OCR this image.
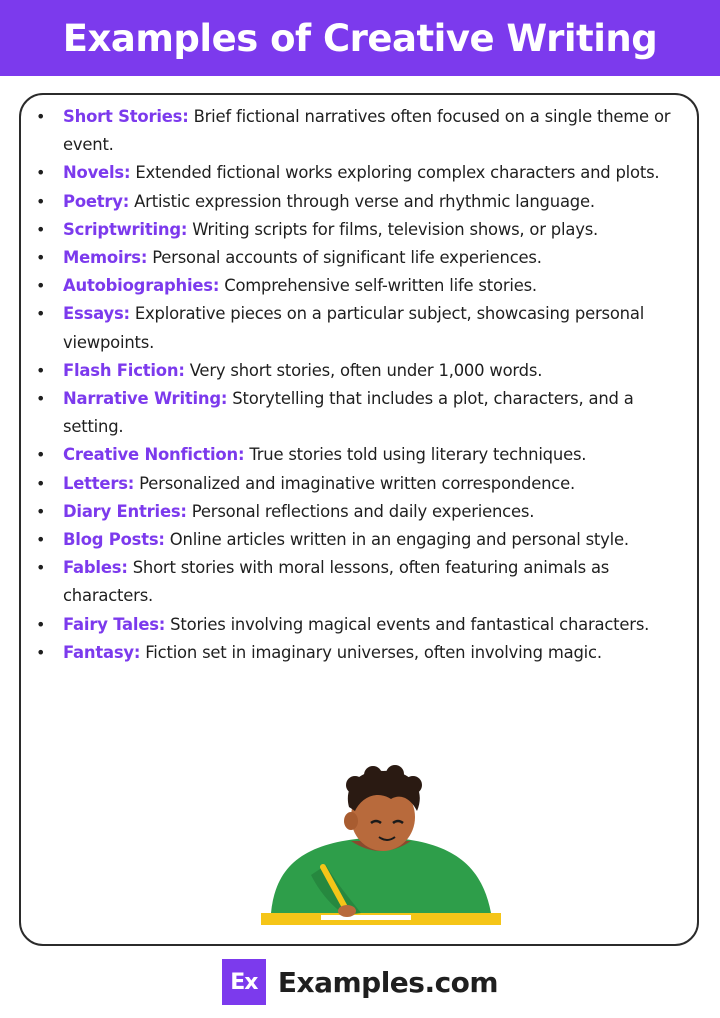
Examples of Creative Writing
• Short Stories: Brief fictional narratives often focused on a single theme or event.
• Novels: Extended fictional works exploring complex characters and plots.
• Poetry: Artistic expression through verse and rhythmic language.
• Scriptwriting: Writing scripts for films, television shows, or plays.
• Memoirs: Personal accounts of significant life experiences.
• Autobiographies: Comprehensive self-written life stories.
• Essays: Explorative pieces on a particular subject, showcasing personal viewpoints.
• Flash Fiction: Very short stories, often under 1,000 words.
• Narrative Writing: Storytelling that includes a plot, characters, and a setting.
• Creative Nonfiction: True stories told using literary techniques.
• Letters: Personalized and imaginative written correspondence.
• Diary Entries: Personal reflections and daily experiences.
• Blog Posts: Online articles written in an engaging and personal style.
• Fables: Short stories with moral lessons, often featuring animals as characters.
• Fairy Tales: Stories involving magical events and fantastical characters.
• Fantasy: Fiction set in imaginary universes, often involving magic.
Ex Examples.com
